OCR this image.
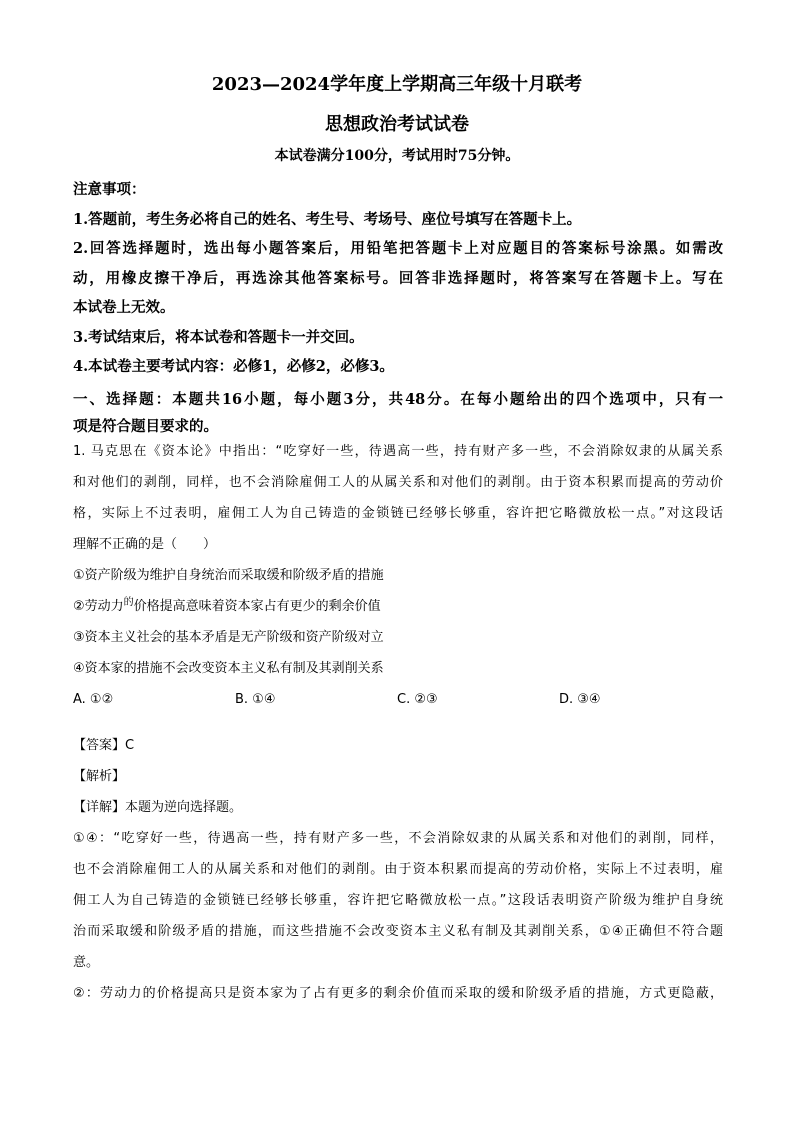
2023—2024学年度上学期高三年级十月联考
思想政治考试试卷
本试卷满分100分，考试用时75分钟。
注意事项：
1.答题前，考生务必将自己的姓名、考生号、考场号、座位号填写在答题卡上。
2.回答选择题时，选出每小题答案后，用铅笔把答题卡上对应题目的答案标号涂黑。如需改
动，用橡皮擦干净后，再选涂其他答案标号。回答非选择题时，将答案写在答题卡上。写在
本试卷上无效。
3.考试结束后，将本试卷和答题卡一并交回。
4.本试卷主要考试内容：必修1，必修2，必修3。
一、选择题：本题共16小题，每小题3分，共48分。在每小题给出的四个选项中，只有一
项是符合题目要求的。
1. 马克思在《资本论》中指出：“吃穿好一些，待遇高一些，持有财产多一些，不会消除奴隶的从属关系
和对他们的剥削，同样，也不会消除雇佣工人的从属关系和对他们的剥削。由于资本积累而提高的劳动价
格，实际上不过表明，雇佣工人为自己铸造的金锁链已经够长够重，容许把它略微放松一点。”对这段话
理解不正确的是（　　）
①资产阶级为维护自身统治而采取缓和阶级矛盾的措施
②劳动力$^的$价格提高意味着资本家占有更少的剩余价值
③资本主义社会的基本矛盾是无产阶级和资产阶级对立
④资本家的措施不会改变资本主义私有制及其剥削关系
A. ①②	B. ①④	C. ②③	D. ③④
【答案】C
【解析】
【详解】本题为逆向选择题。
①④：“吃穿好一些，待遇高一些，持有财产多一些，不会消除奴隶的从属关系和对他们的剥削，同样，
也不会消除雇佣工人的从属关系和对他们的剥削。由于资本积累而提高的劳动价格，实际上不过表明，雇
佣工人为自己铸造的金锁链已经够长够重，容许把它略微放松一点。”这段话表明资产阶级为维护自身统
治而采取缓和阶级矛盾的措施，而这些措施不会改变资本主义私有制及其剥削关系，①④正确但不符合题
意。
②：劳动力的价格提高只是资本家为了占有更多的剩余价值而采取的缓和阶级矛盾的措施，方式更隐蔽，
